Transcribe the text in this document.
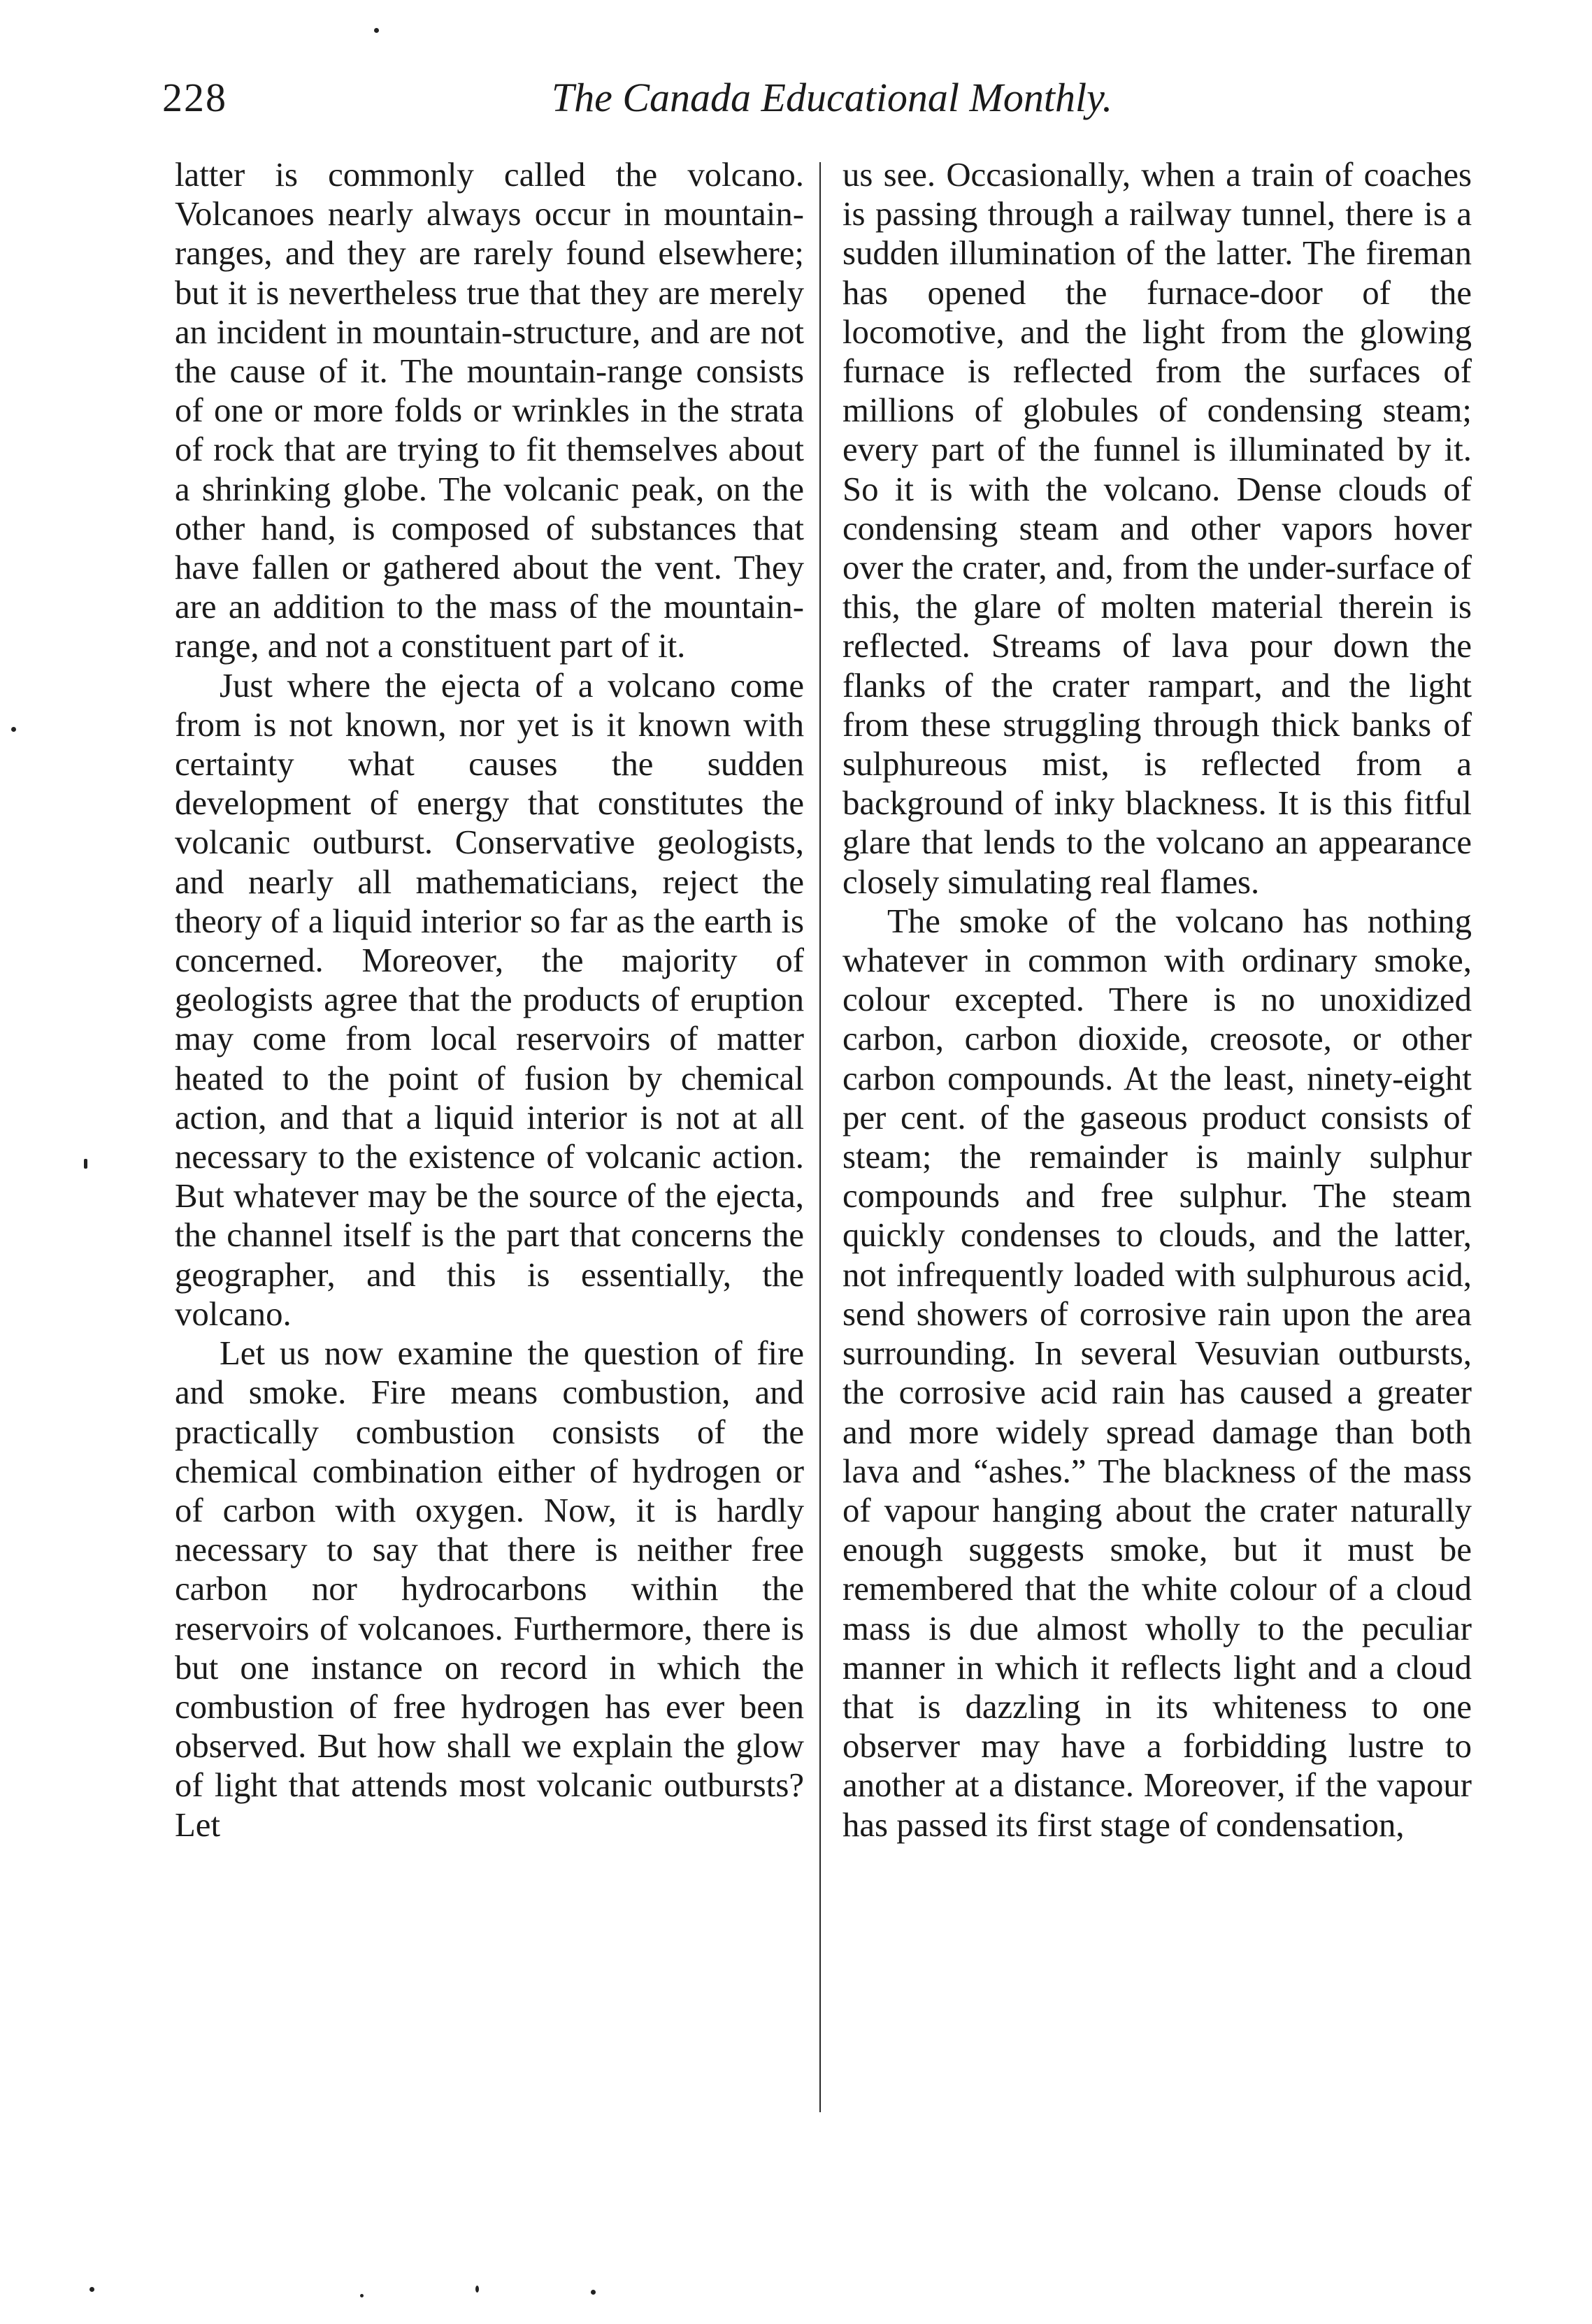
228	The Canada Educational Monthly.

latter is commonly called the volcano. Volcanoes nearly always occur in mountain-ranges, and they are rarely found elsewhere; but it is nevertheless true that they are merely an incident in mountain-structure, and are not the cause of it. The mountain-range consists of one or more folds or wrinkles in the strata of rock that are trying to fit themselves about a shrinking globe. The volcanic peak, on the other hand, is composed of substances that have fallen or gathered about the vent. They are an addition to the mass of the mountain-range, and not a constituent part of it.

Just where the ejecta of a volcano come from is not known, nor yet is it known with certainty what causes the sudden development of energy that constitutes the volcanic outburst. Conservative geologists, and nearly all mathematicians, reject the theory of a liquid interior so far as the earth is concerned. Moreover, the majority of geologists agree that the products of eruption may come from local reservoirs of matter heated to the point of fusion by chemical action, and that a liquid interior is not at all necessary to the existence of volcanic action. But whatever may be the source of the ejecta, the channel itself is the part that concerns the geographer, and this is essentially, the volcano.

Let us now examine the question of fire and smoke. Fire means combustion, and practically combustion consists of the chemical combination either of hydrogen or of carbon with oxygen. Now, it is hardly necessary to say that there is neither free carbon nor hydrocarbons within the reservoirs of volcanoes. Furthermore, there is but one instance on record in which the combustion of free hydrogen has ever been observed. But how shall we explain the glow of light that attends most volcanic outbursts? Let

us see. Occasionally, when a train of coaches is passing through a railway tunnel, there is a sudden illumination of the latter. The fireman has opened the furnace-door of the locomotive, and the light from the glowing furnace is reflected from the surfaces of millions of globules of condensing steam; every part of the funnel is illuminated by it. So it is with the volcano. Dense clouds of condensing steam and other vapors hover over the crater, and, from the under-surface of this, the glare of molten material therein is reflected. Streams of lava pour down the flanks of the crater rampart, and the light from these struggling through thick banks of sulphureous mist, is reflected from a background of inky blackness. It is this fitful glare that lends to the volcano an appearance closely simulating real flames.

The smoke of the volcano has nothing whatever in common with ordinary smoke, colour excepted. There is no unoxidized carbon, carbon dioxide, creosote, or other carbon compounds. At the least, ninety-eight per cent. of the gaseous product consists of steam; the remainder is mainly sulphur compounds and free sulphur. The steam quickly condenses to clouds, and the latter, not infrequently loaded with sulphurous acid, send showers of corrosive rain upon the area surrounding. In several Vesuvian outbursts, the corrosive acid rain has caused a greater and more widely spread damage than both lava and “ashes.” The blackness of the mass of vapour hanging about the crater naturally enough suggests smoke, but it must be remembered that the white colour of a cloud mass is due almost wholly to the peculiar manner in which it reflects light and a cloud that is dazzling in its whiteness to one observer may have a forbidding lustre to another at a distance. Moreover, if the vapour has passed its first stage of condensation,
